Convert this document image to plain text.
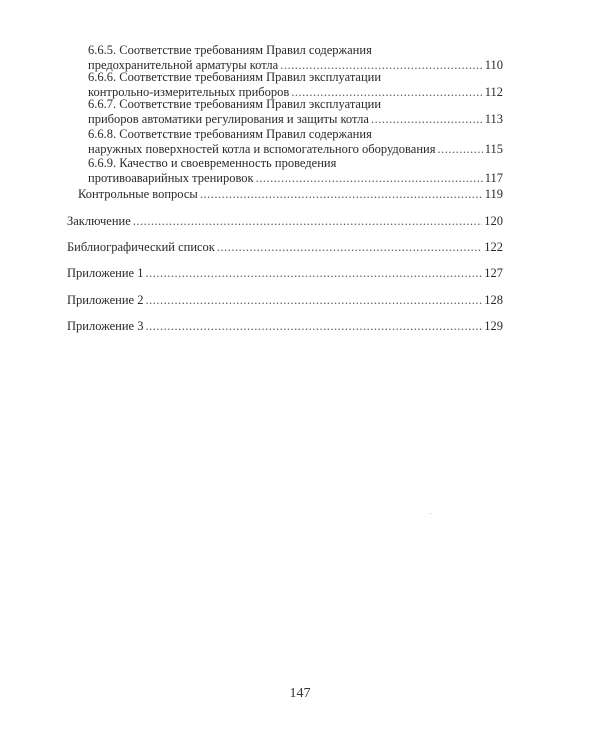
6.6.5. Соответствие требованиям Правил содержания
предохранительной арматуры котла .....	110
6.6.6. Соответствие требованиям Правил эксплуатации
контрольно-измерительных приборов .....	112
6.6.7. Соответствие требованиям Правил эксплуатации
приборов автоматики регулирования и защиты котла .....	113
6.6.8. Соответствие требованиям Правил содержания
наружных поверхностей котла и вспомогательного оборудования .....	115
6.6.9. Качество и своевременность проведения
противоаварийных тренировок .....	117
Контрольные вопросы .....	119
Заключение .....	120
Библиографический список .....	122
Приложение 1 .....	127
Приложение 2 .....	128
Приложение 3 .....	129
147
